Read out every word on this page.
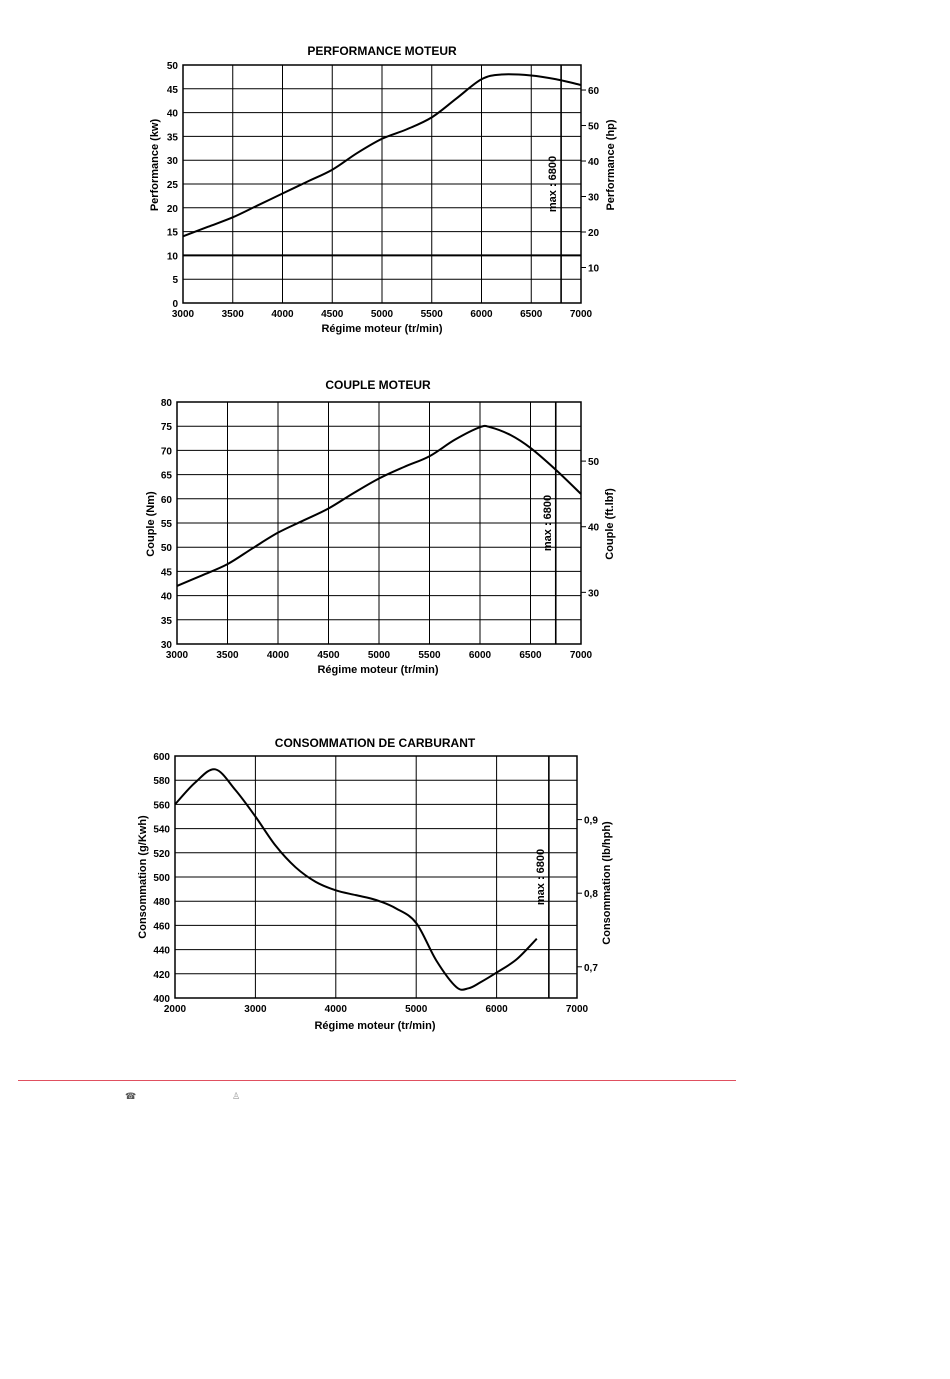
PERFORMANCE MOTEUR
3000	3500	4000	4500	5000	5500	6000	6500	7000
0
5
10
15
20
25
30
35
40
45
50
10
20
30
40
50
60
Régime moteur (tr/min)
Performance (kw)	Performance (hp)
max : 6800
COUPLE MOTEUR
3000	3500	4000	4500	5000	5500	6000	6500	7000
30
35
40
45
50
55
60
65
70
75
80
30
40
50
Régime moteur (tr/min)
Couple (Nm)	Couple (ft.lbf)
max : 6800
CONSOMMATION DE CARBURANT
2000	3000	4000	5000	6000	7000
400
420
440
460
480
500
520
540
560
580
600
0,7
0,8
0,9
Régime moteur (tr/min)
Consommation (g/Kwh)	Consommation (lb/hph)
max : 6800
☎	♙
